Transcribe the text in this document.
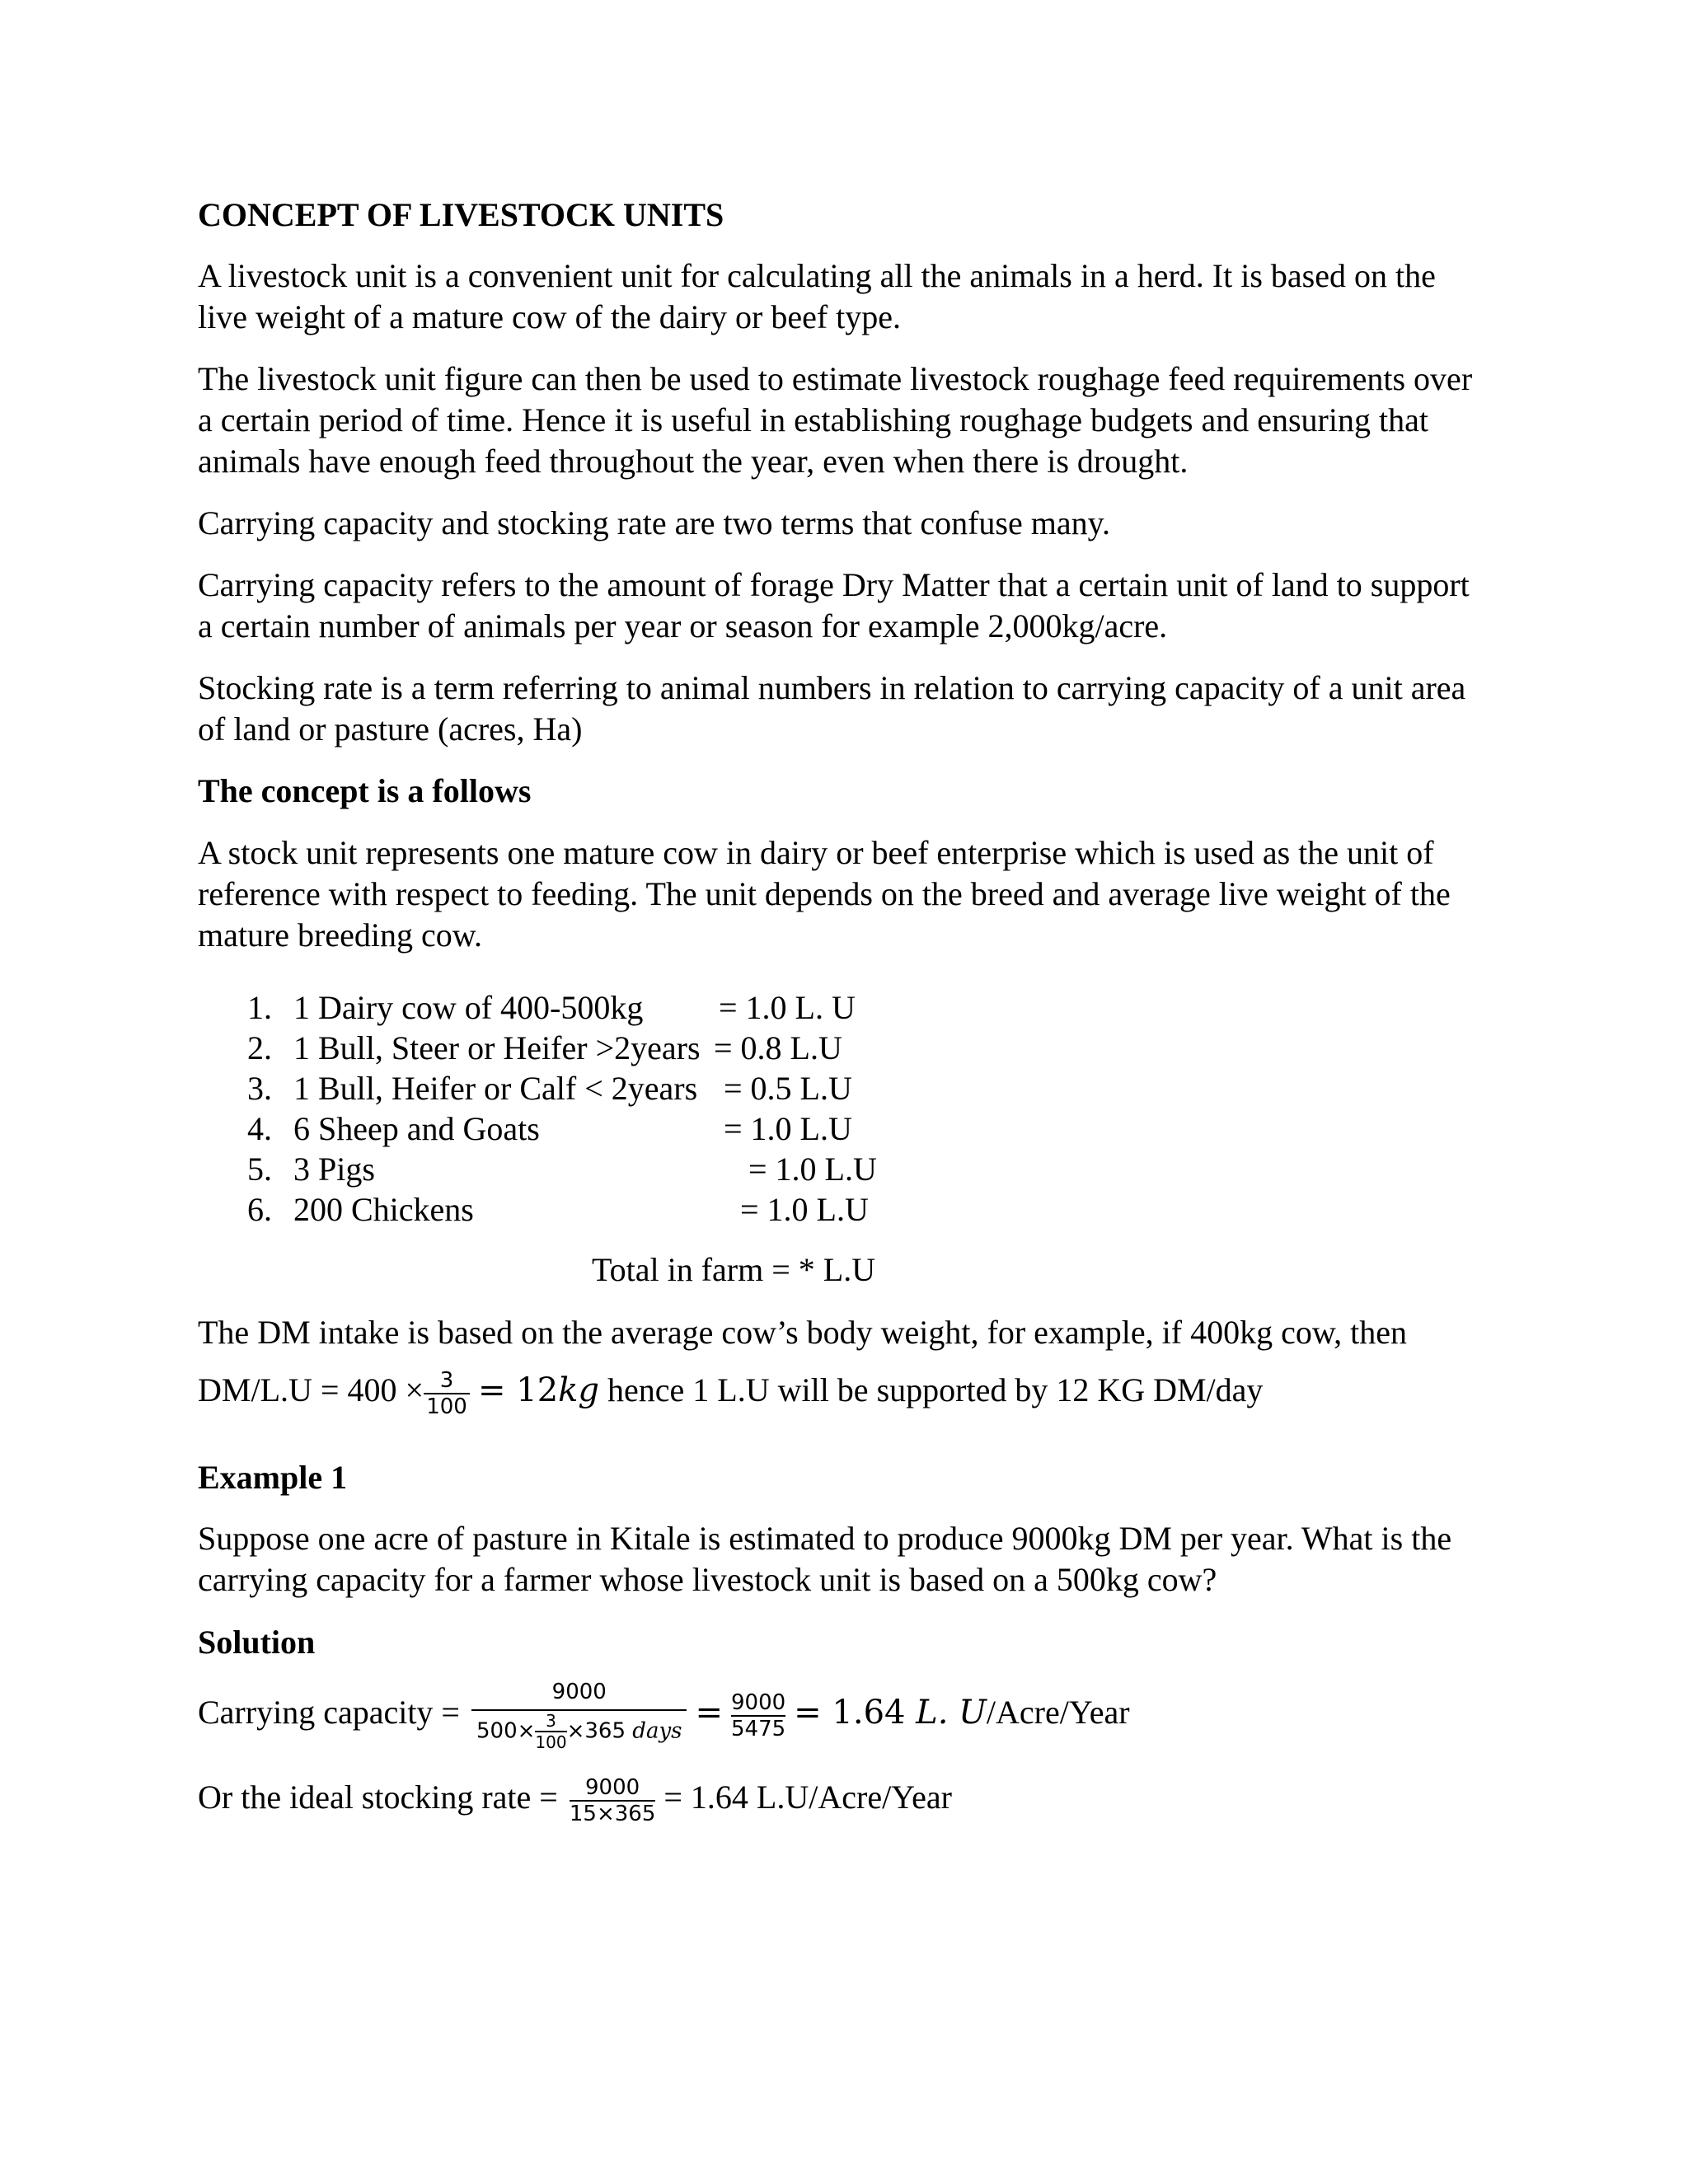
CONCEPT OF LIVESTOCK UNITS

A livestock unit is a convenient unit for calculating all the animals in a herd. It is based on the live weight of a mature cow of the dairy or beef type.

The livestock unit figure can then be used to estimate livestock roughage feed requirements over a certain period of time. Hence it is useful in establishing roughage budgets and ensuring that animals have enough feed throughout the year, even when there is drought.

Carrying capacity and stocking rate are two terms that confuse many.

Carrying capacity refers to the amount of forage Dry Matter that a certain unit of land to support a certain number of animals per year or season for example 2,000kg/acre.

Stocking rate is a term referring to animal numbers in relation to carrying capacity of a unit area of land or pasture (acres, Ha)

The concept is a follows

A stock unit represents one mature cow in dairy or beef enterprise which is used as the unit of reference with respect to feeding. The unit depends on the breed and average live weight of the mature breeding cow.

1. 1 Dairy cow of 400-500kg = 1.0 L. U
2. 1 Bull, Steer or Heifer >2years = 0.8 L.U
3. 1 Bull, Heifer or Calf < 2years = 0.5 L.U
4. 6 Sheep and Goats	= 1.0 L.U
5. 3 Pigs	= 1.0 L.U
6. 200 Chickens	= 1.0 L.U

Total in farm = * L.U

The DM intake is based on the average cow’s body weight, for example, if 400kg cow, then

$DM/L.U = 400 \times \frac{3}{100} = 12kg$ hence 1 L.U will be supported by 12 KG DM/day

Example 1

Suppose one acre of pasture in Kitale is estimated to produce 9000kg DM per year. What is the carrying capacity for a farmer whose livestock unit is based on a 500kg cow?

Solution

Carrying capacity = $\frac{9000}{500\times \frac{3}{100} \times 365 days} = \frac{9000}{5475} = 1.64$ L. U/Acre/Year
Or the ideal stocking rate = $\frac{9000}{15\times 365} = 1.64$ L.U/Acre/Year
